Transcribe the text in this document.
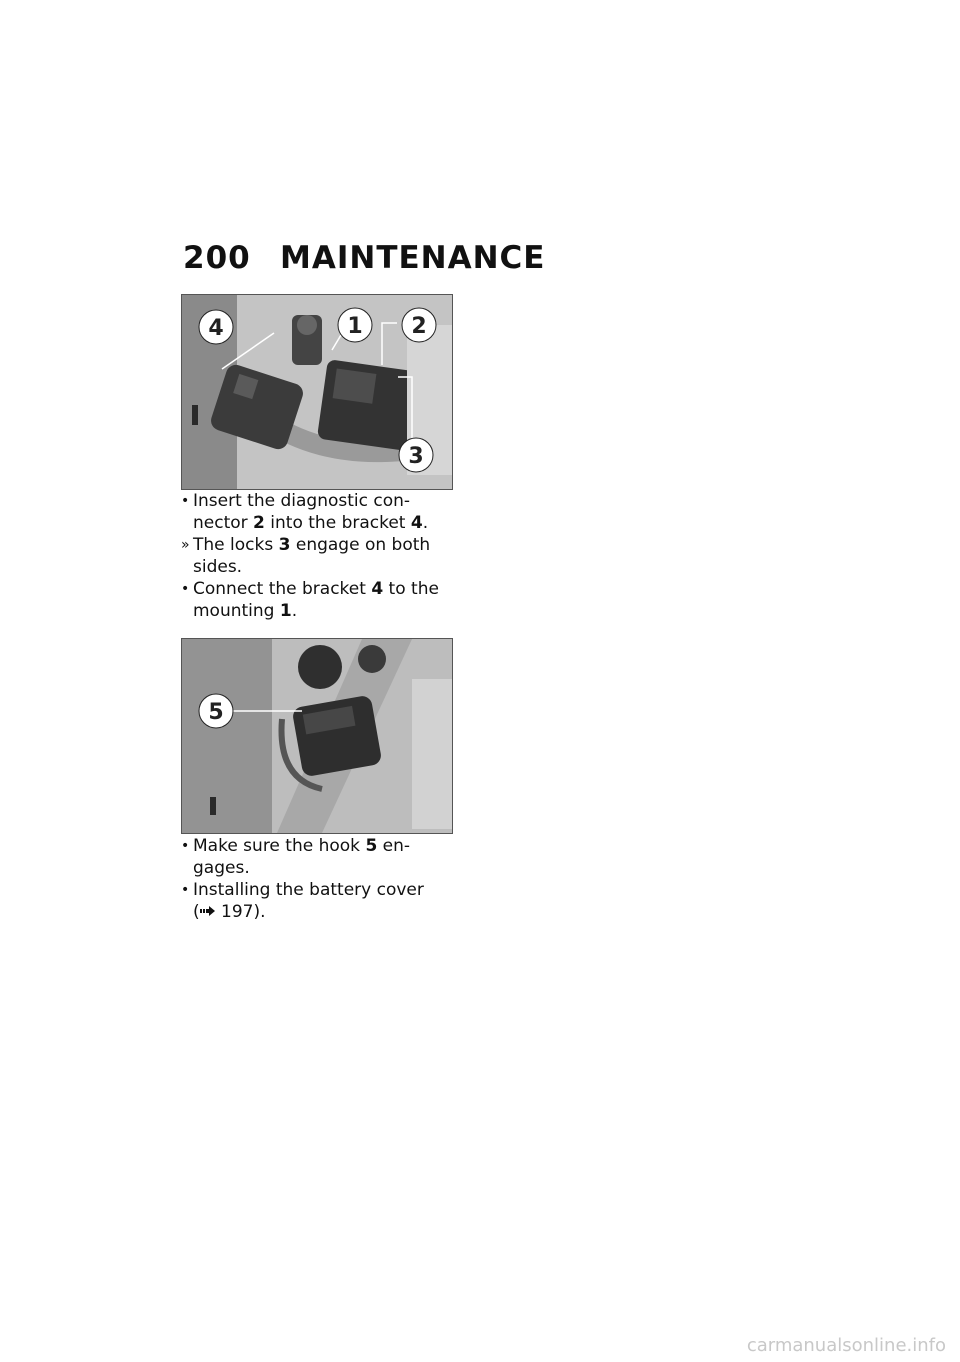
200 MAINTENANCE
4	1 2
3

• Insert the diagnostic con-
nector 2 into the bracket 4.

» The locks 3 engage on both
sides.

• Connect the bracket 4 to the
mounting 1.

5

• Make sure the hook 5 en-
gages.

• Installing the battery cover
( 197).

carmanualsonline.info
